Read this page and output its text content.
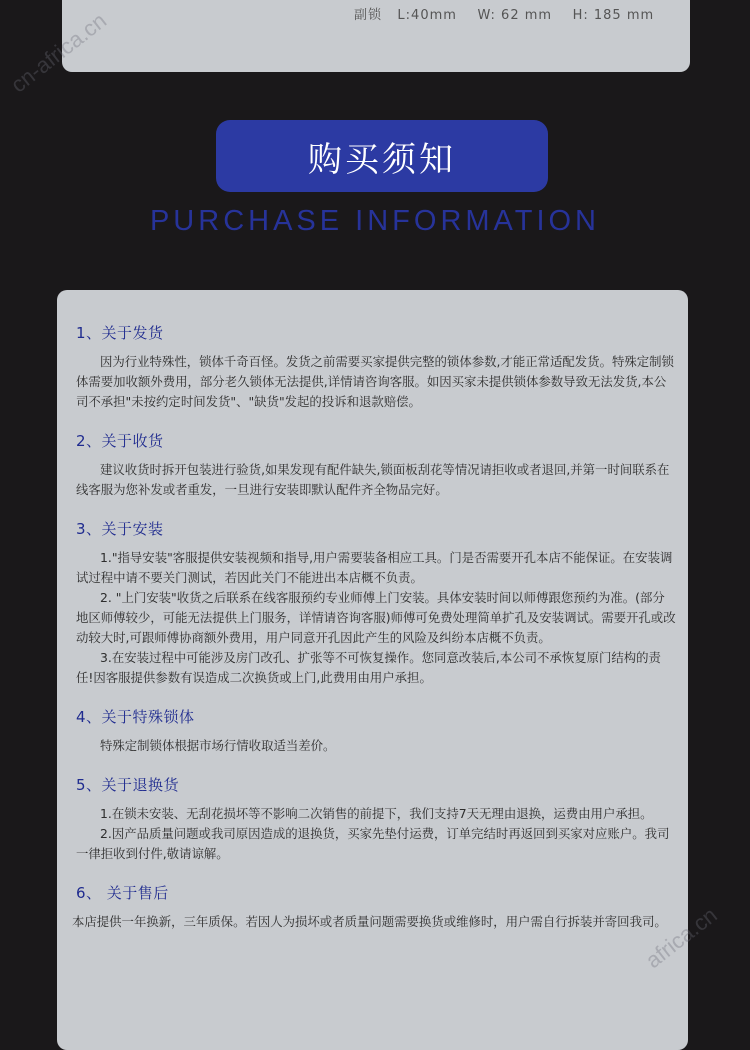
副锁 L:40mm W: 62 mm H: 185 mm
购买须知
PURCHASE INFORMATION
1、关于发货

因为行业特殊性，锁体千奇百怪。发货之前需要买家提供完整的锁体参数,才能正常适配发货。特殊定制锁体需要加收额外费用，部分老久锁体无法提供,详情请咨询客服。如因买家未提供锁体参数导致无法发货,本公司不承担"未按约定时间发货"、"缺货"发起的投诉和退款赔偿。

2、关于收货

建议收货时拆开包装进行验货,如果发现有配件缺失,锁面板刮花等情况请拒收或者退回,并第一时间联系在线客服为您补发或者重发，一旦进行安装即默认配件齐全物品完好。

3、关于安装

1."指导安装"客服提供安装视频和指导,用户需要装备相应工具。门是否需要开孔本店不能保证。在安装调试过程中请不要关门测试，若因此关门不能进出本店概不负责。

2. "上门安装"收货之后联系在线客服预约专业师傅上门安装。具体安装时间以师傅跟您预约为准。(部分地区师傅较少，可能无法提供上门服务，详情请咨询客服)师傅可免费处理简单扩孔及安装调试。需要开孔或改动较大时,可跟师傅协商额外费用，用户同意开孔因此产生的风险及纠纷本店概不负责。

3.在安装过程中可能涉及房门改孔、扩张等不可恢复操作。您同意改装后,本公司不承恢复原门结构的责任!因客服提供参数有误造成二次换货或上门,此费用由用户承担。

4、关于特殊锁体

特殊定制锁体根据市场行情收取适当差价。

5、关于退换货

1.在锁未安装、无刮花损坏等不影响二次销售的前提下，我们支持7天无理由退换，运费由用户承担。

2.因产品质量问题或我司原因造成的退换货，买家先垫付运费，订单完结时再返回到买家对应账户。我司一律拒收到付件,敬请谅解。

6、 关于售后

本店提供一年换新，三年质保。若因人为损坏或者质量问题需要换货或维修时，用户需自行拆装并寄回我司。

cn-africa.cn
africa.cn
